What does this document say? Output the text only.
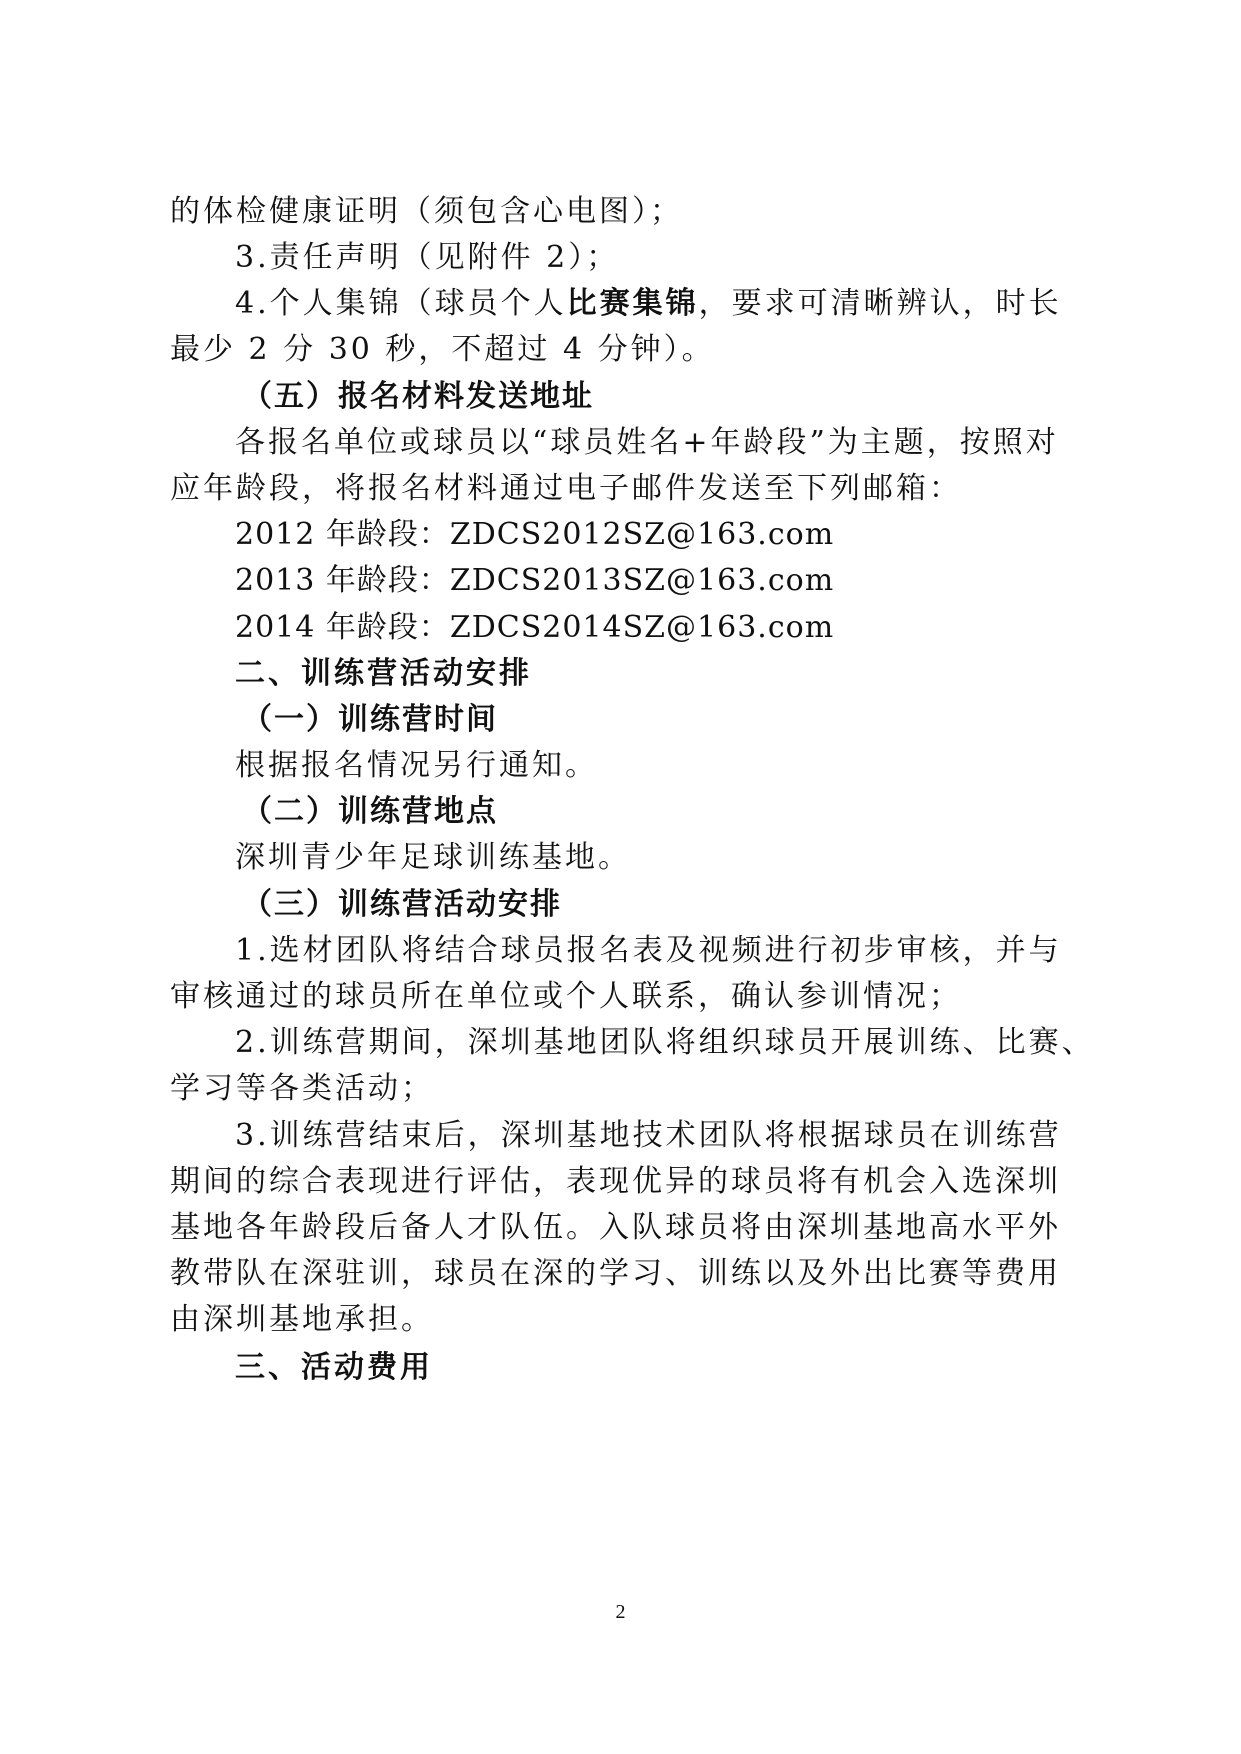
的体检健康证明（须包含心电图）；
3.责任声明（见附件 2）；
4.个人集锦（球员个人比赛集锦，要求可清晰辨认，时长
最少 2 分 30 秒，不超过 4 分钟）。
（五）报名材料发送地址
各报名单位或球员以“球员姓名+年龄段”为主题，按照对
应年龄段，将报名材料通过电子邮件发送至下列邮箱：
2012 年龄段：ZDCS2012SZ@163.com
2013 年龄段：ZDCS2013SZ@163.com
2014 年龄段：ZDCS2014SZ@163.com
二、训练营活动安排
（一）训练营时间
根据报名情况另行通知。
（二）训练营地点
深圳青少年足球训练基地。
（三）训练营活动安排
1.选材团队将结合球员报名表及视频进行初步审核，并与
审核通过的球员所在单位或个人联系，确认参训情况；
2.训练营期间，深圳基地团队将组织球员开展训练、比赛、
学习等各类活动；
3.训练营结束后，深圳基地技术团队将根据球员在训练营
期间的综合表现进行评估，表现优异的球员将有机会入选深圳
基地各年龄段后备人才队伍。入队球员将由深圳基地高水平外
教带队在深驻训，球员在深的学习、训练以及外出比赛等费用
由深圳基地承担。
三、活动费用
2
